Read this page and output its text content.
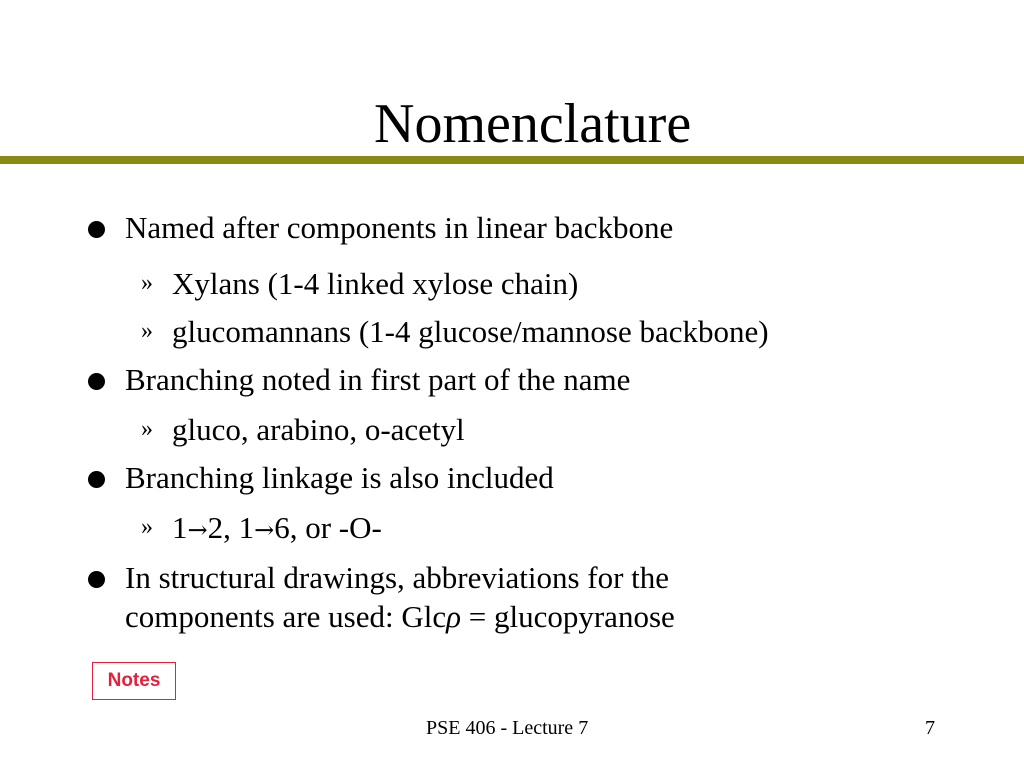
Nomenclature
Named after components in linear backbone
» Xylans (1-4 linked xylose chain)
» glucomannans (1-4 glucose/mannose backbone)
Branching noted in first part of the name
» gluco, arabino, o-acetyl
Branching linkage is also included
» 1→2, 1→6, or -O-
In structural drawings, abbreviations for the
components are used: Glcρ = glucopyranose
Notes
PSE 406 - Lecture 7	7
